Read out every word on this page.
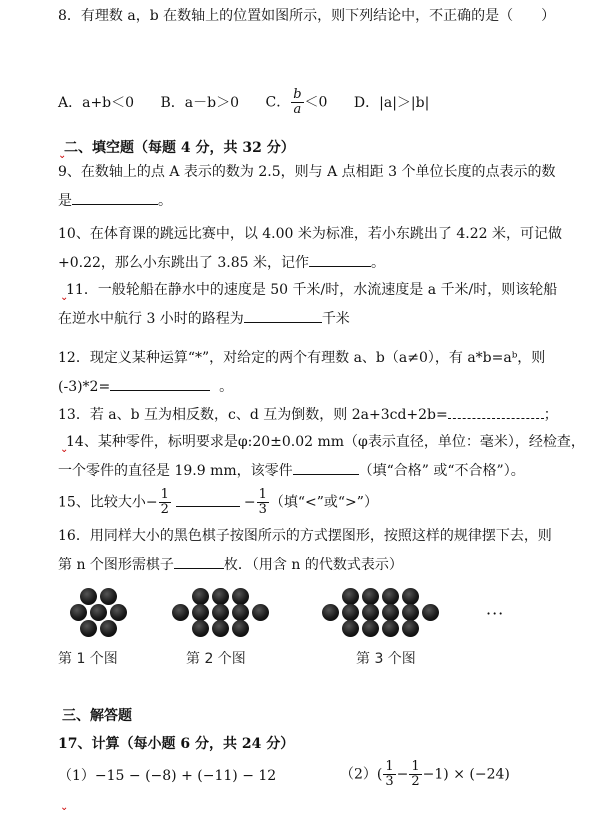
8．有理数 a，b 在数轴上的位置如图所示，则下列结论中，不正确的是（　　）
A．a+b＜0 B．a－b＞0 C． $\frac{b}{a} <0$ D．|a|＞|b|
⌄
二、填空题（每题 4 分，共 32 分）
9、在数轴上的点 A 表示的数为 2.5，则与 A 点相距 3 个单位长度的点表示的数
是	。
10、在体育课的跳远比赛中，以 4.00 米为标准，若小东跳出了 4.22 米，可记做
+0.22，那么小东跳出了 3.85 米，记作	。
⌄
11．一般轮船在静水中的速度是 50 千米/时，水流速度是 a 千米/时，则该轮船
在逆水中航行 3 小时的路程为	千米
12．现定义某种运算“*”，对给定的两个有理数 a、b（a≠0），有 a*b=aᵇ，则
(-3)*2=	。
13．若 a、b 互为相反数，c、d 互为倒数，则 2a+3cd+2b=	；
⌄
14、某种零件，标明要求是φ:20±0.02 mm（φ表示直径，单位：毫米），经检查，
一个零件的直径是 19.9 mm，该零件	（填“合格” 或“不合格”）。
15、比较大小− $\frac{1}{2}$	− $\frac{1}{3}$ （填“<”或“>”）
16．用同样大小的黑色棋子按图所示的方式摆图形，按照这样的规律摆下去，则
第 n 个图形需棋子	枚．（用含 n 的代数式表示）
···
第 1 个图	第 2 个图	第 3 个图
三、解答题
17、计算（每小题 6 分，共 24 分）
（1）−15 − (−8) + (−11) − 12	$(2)( \frac{1}{3} - \frac{1}{2} -1) \times (-24)$
⌄
